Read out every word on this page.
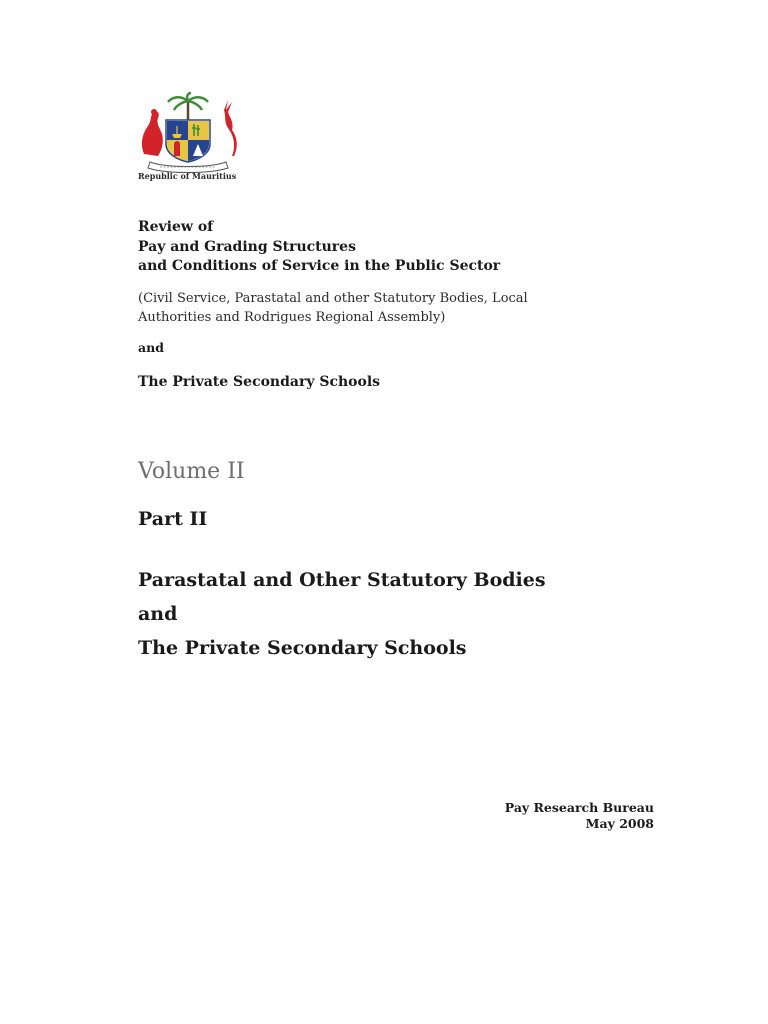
Republic of Mauritius
Review of
Pay and Grading Structures
and Conditions of Service in the Public Sector
(Civil Service, Parastatal and other Statutory Bodies, Local Authorities and Rodrigues Regional Assembly)
and
The Private Secondary Schools
Volume II
Part II
Parastatal and Other Statutory Bodies
and
The Private Secondary Schools
Pay Research Bureau
May 2008
